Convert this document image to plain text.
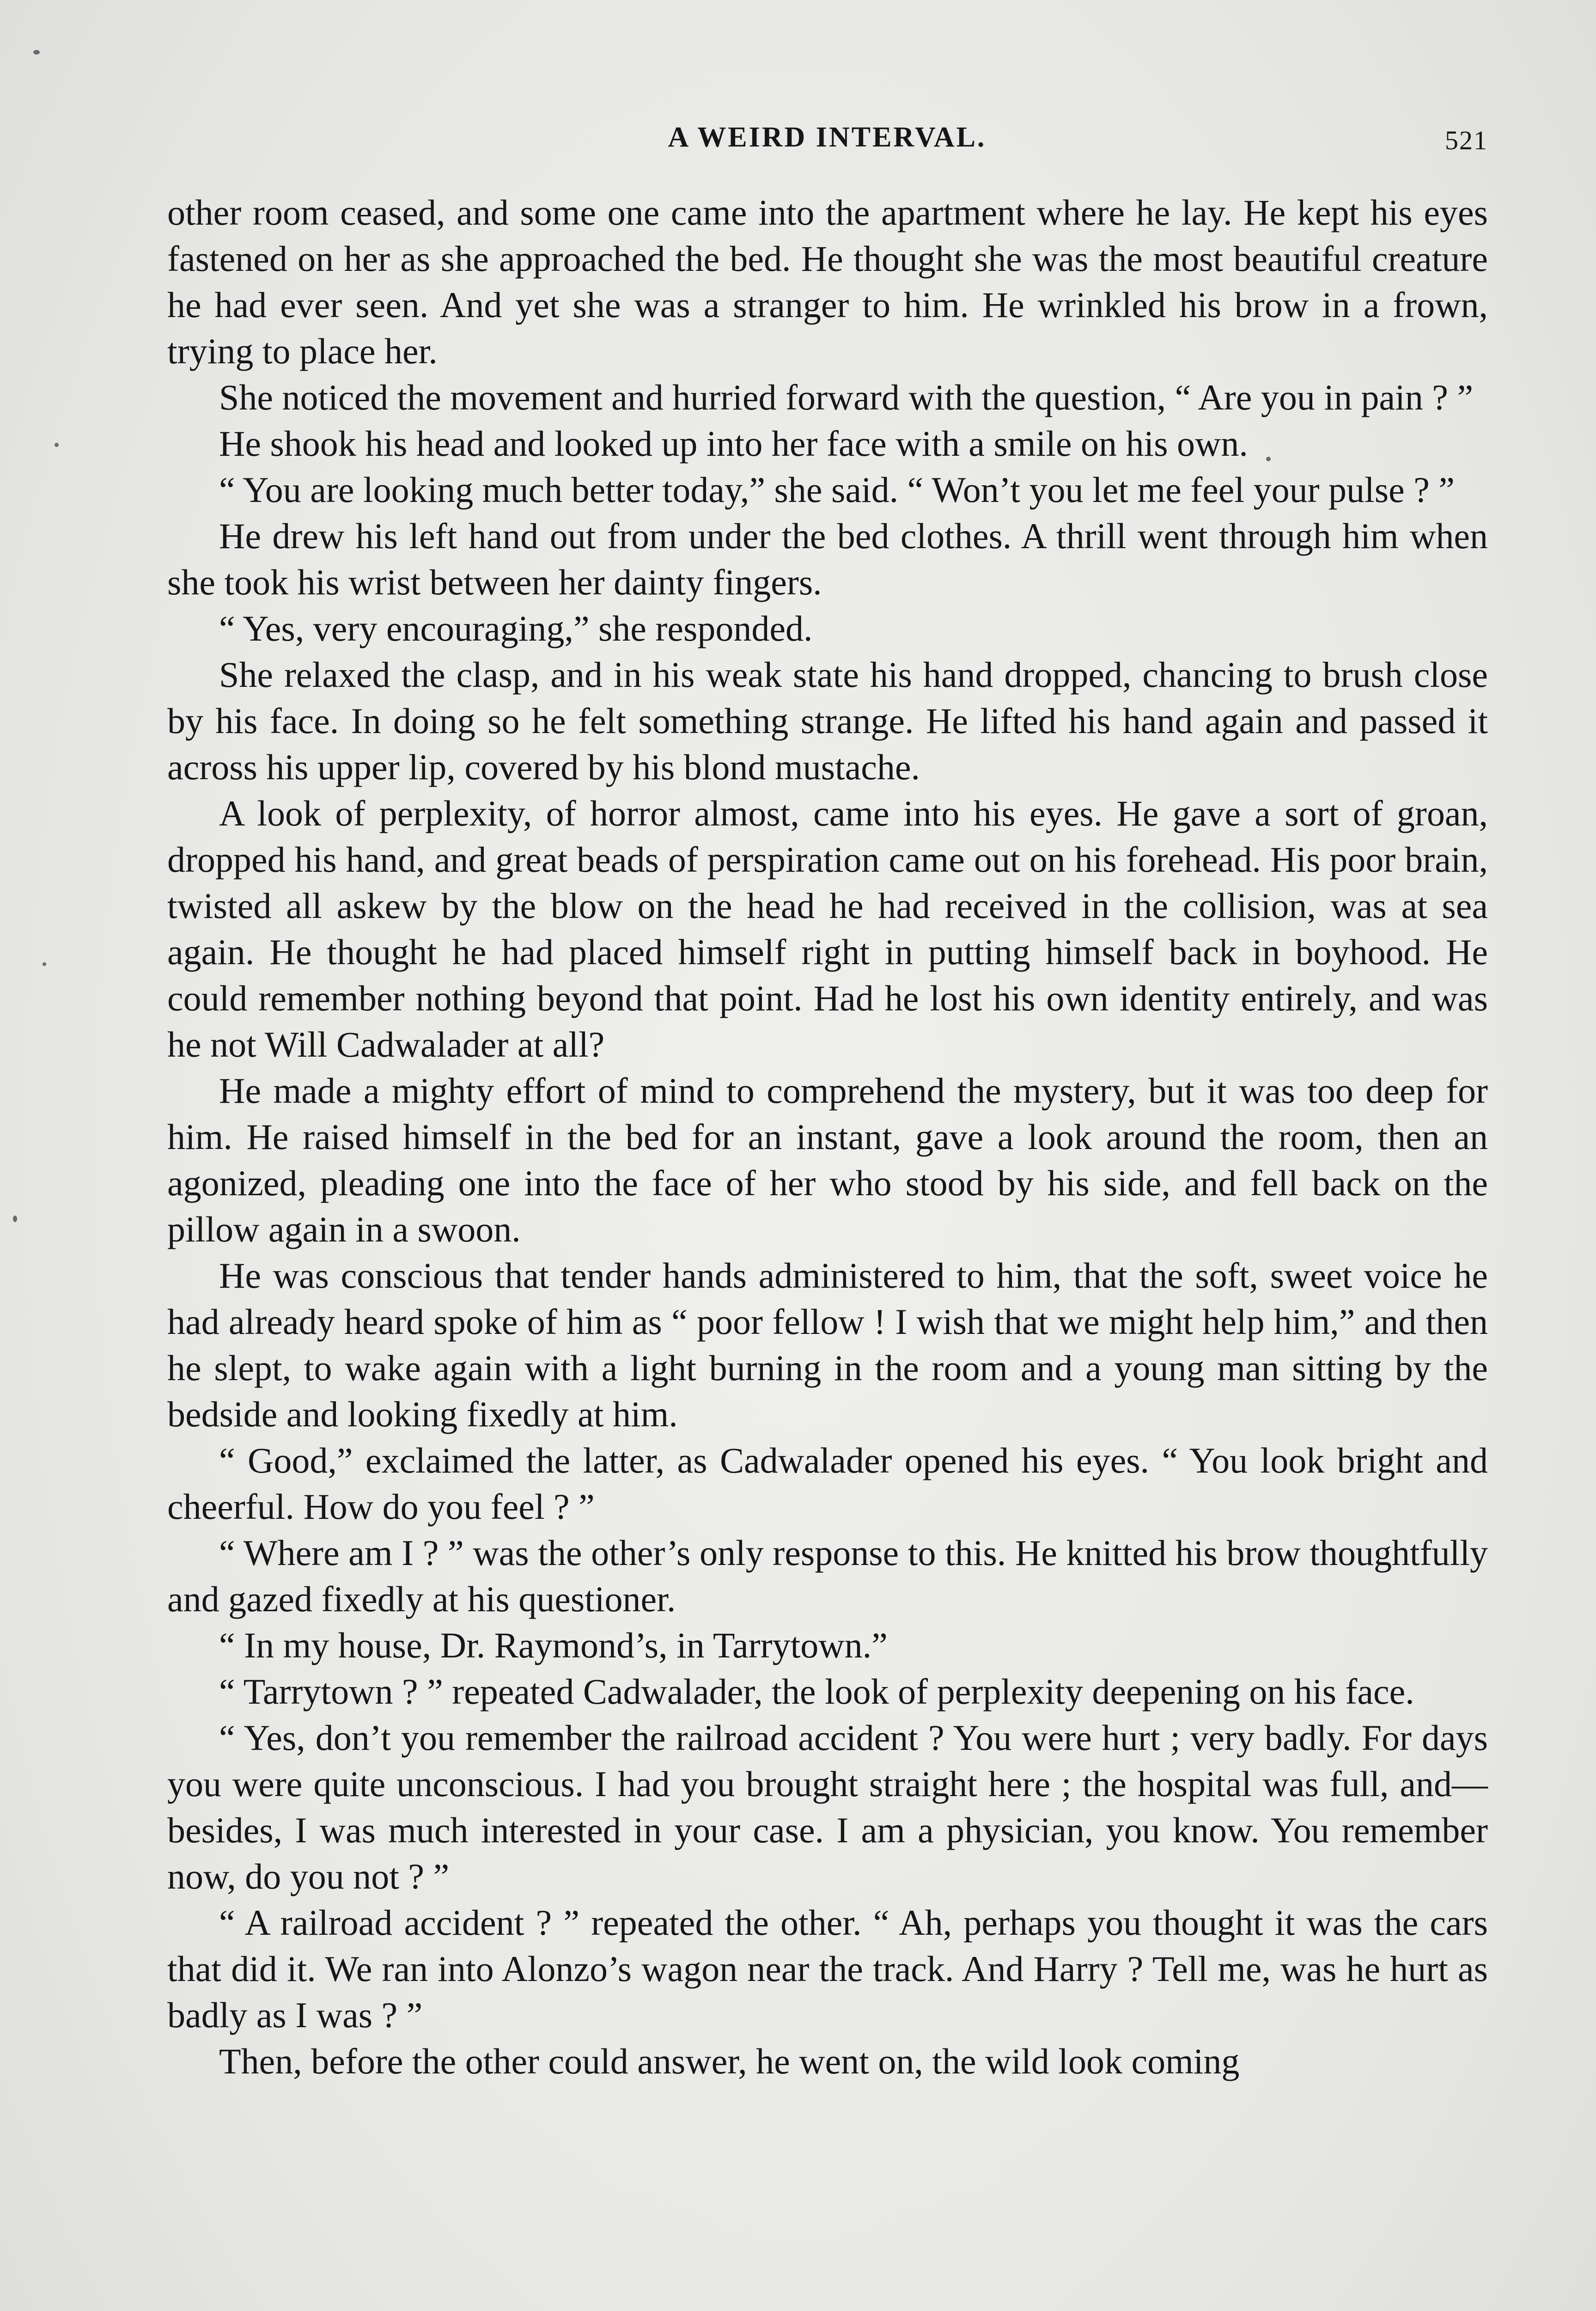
A WEIRD INTERVAL.	521

other room ceased, and some one came into the apartment where he lay. He kept his eyes fastened on her as she approached the bed. He thought she was the most beautiful creature he had ever seen. And yet she was a stranger to him. He wrinkled his brow in a frown, trying to place her.

She noticed the movement and hurried forward with the question, “ Are you in pain ? ”

He shook his head and looked up into her face with a smile on his own.

“ You are looking much better today,” she said. “ Won’t you let me feel your pulse ? ”

He drew his left hand out from under the bed clothes. A thrill went through him when she took his wrist between her dainty fingers.

“ Yes, very encouraging,” she responded.

She relaxed the clasp, and in his weak state his hand dropped, chancing to brush close by his face. In doing so he felt something strange. He lifted his hand again and passed it across his upper lip, covered by his blond mustache.

A look of perplexity, of horror almost, came into his eyes. He gave a sort of groan, dropped his hand, and great beads of perspiration came out on his forehead. His poor brain, twisted all askew by the blow on the head he had received in the collision, was at sea again. He thought he had placed himself right in putting himself back in boyhood. He could remember nothing beyond that point. Had he lost his own identity entirely, and was he not Will Cadwalader at all?

He made a mighty effort of mind to comprehend the mystery, but it was too deep for him. He raised himself in the bed for an instant, gave a look around the room, then an agonized, pleading one into the face of her who stood by his side, and fell back on the pillow again in a swoon.

He was conscious that tender hands administered to him, that the soft, sweet voice he had already heard spoke of him as “ poor fellow ! I wish that we might help him,” and then he slept, to wake again with a light burning in the room and a young man sitting by the bedside and looking fixedly at him.

“ Good,” exclaimed the latter, as Cadwalader opened his eyes. “ You look bright and cheerful. How do you feel ? ”

“ Where am I ? ” was the other’s only response to this. He knitted his brow thoughtfully and gazed fixedly at his questioner.

“ In my house, Dr. Raymond’s, in Tarrytown.”

“ Tarrytown ? ” repeated Cadwalader, the look of perplexity deepening on his face.

“ Yes, don’t you remember the railroad accident ? You were hurt ; very badly. For days you were quite unconscious. I had you brought straight here ; the hospital was full, and—besides, I was much interested in your case. I am a physician, you know. You remember now, do you not ? ”

“ A railroad accident ? ” repeated the other. “ Ah, perhaps you thought it was the cars that did it. We ran into Alonzo’s wagon near the track. And Harry ? Tell me, was he hurt as badly as I was ? ”

Then, before the other could answer, he went on, the wild look coming
